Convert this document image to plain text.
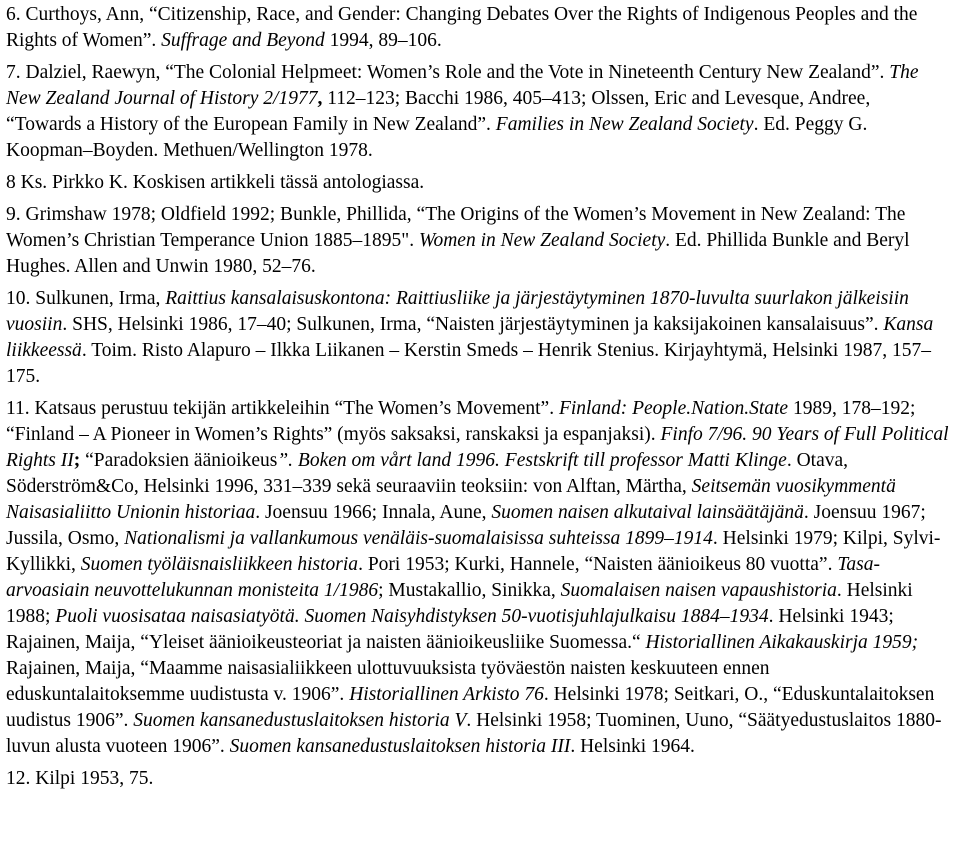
6. Curthoys, Ann, “Citizenship, Race, and Gender: Changing Debates Over the Rights of Indigenous Peoples and the Rights of Women”. Suffrage and Beyond 1994, 89–106.

7. Dalziel, Raewyn, “The Colonial Helpmeet: Women’s Role and the Vote in Nineteenth Century New Zealand”. The New Zealand Journal of History 2/1977, 112–123; Bacchi 1986, 405–413; Olssen, Eric and Levesque, Andree, “Towards a History of the European Family in New Zealand”. Families in New Zealand Society. Ed. Peggy G. Koopman–Boyden. Methuen/Wellington 1978.

8 Ks. Pirkko K. Koskisen artikkeli tässä antologiassa.

9. Grimshaw 1978; Oldfield 1992; Bunkle, Phillida, “The Origins of the Women’s Movement in New Zealand: The Women’s Christian Temperance Union 1885–1895". Women in New Zealand Society. Ed. Phillida Bunkle and Beryl Hughes. Allen and Unwin 1980, 52–76.

10. Sulkunen, Irma, Raittius kansalaisuskontona: Raittiusliike ja järjestäytyminen 1870-luvulta suurlakon jälkeisiin vuosiin. SHS, Helsinki 1986, 17–40; Sulkunen, Irma, “Naisten järjestäytyminen ja kaksijakoinen kansalaisuus”. Kansa liikkeessä. Toim. Risto Alapuro – Ilkka Liikanen – Kerstin Smeds – Henrik Stenius. Kirjayhtymä, Helsinki 1987, 157–175.

11. Katsaus perustuu tekijän artikkeleihin “The Women’s Movement”. Finland: People.Nation.State 1989, 178–192; “Finland – A Pioneer in Women’s Rights” (myös saksaksi, ranskaksi ja espanjaksi). Finfo 7/96. 90 Years of Full Political Rights II; “Paradoksien äänioikeus”. Boken om vårt land 1996. Festskrift till professor Matti Klinge. Otava, Söderström&Co, Helsinki 1996, 331–339 sekä seuraaviin teoksiin: von Alftan, Märtha, Seitsemän vuosikymmentä Naisasialiitto Unionin historiaa. Joensuu 1966; Innala, Aune, Suomen naisen alkutaival lainsäätäjänä. Joensuu 1967; Jussila, Osmo, Nationalismi ja vallankumous venäläis-suomalaisissa suhteissa 1899–1914. Helsinki 1979; Kilpi, Sylvi-Kyllikki, Suomen työläisnaisliikkeen historia. Pori 1953; Kurki, Hannele, “Naisten äänioikeus 80 vuotta”. Tasa-arvoasiain neuvottelukunnan monisteita 1/1986; Mustakallio, Sinikka, Suomalaisen naisen vapaushistoria. Helsinki 1988; Puoli vuosisataa naisasiatyötä. Suomen Naisyhdistyksen 50-vuotisjuhlajulkaisu 1884–1934. Helsinki 1943; Rajainen, Maija, “Yleiset äänioikeusteoriat ja naisten äänioikeusliike Suomessa.“ Historiallinen Aikakauskirja 1959; Rajainen, Maija, “Maamme naisasialiikkeen ulottuvuuksista työväestön naisten keskuuteen ennen eduskuntalaitoksemme uudistusta v. 1906”. Historiallinen Arkisto 76. Helsinki 1978; Seitkari, O., “Eduskuntalaitoksen uudistus 1906”. Suomen kansanedustuslaitoksen historia V. Helsinki 1958; Tuominen, Uuno, “Säätyedustuslaitos 1880-luvun alusta vuoteen 1906”. Suomen kansanedustuslaitoksen historia III. Helsinki 1964.

12. Kilpi 1953, 75.
